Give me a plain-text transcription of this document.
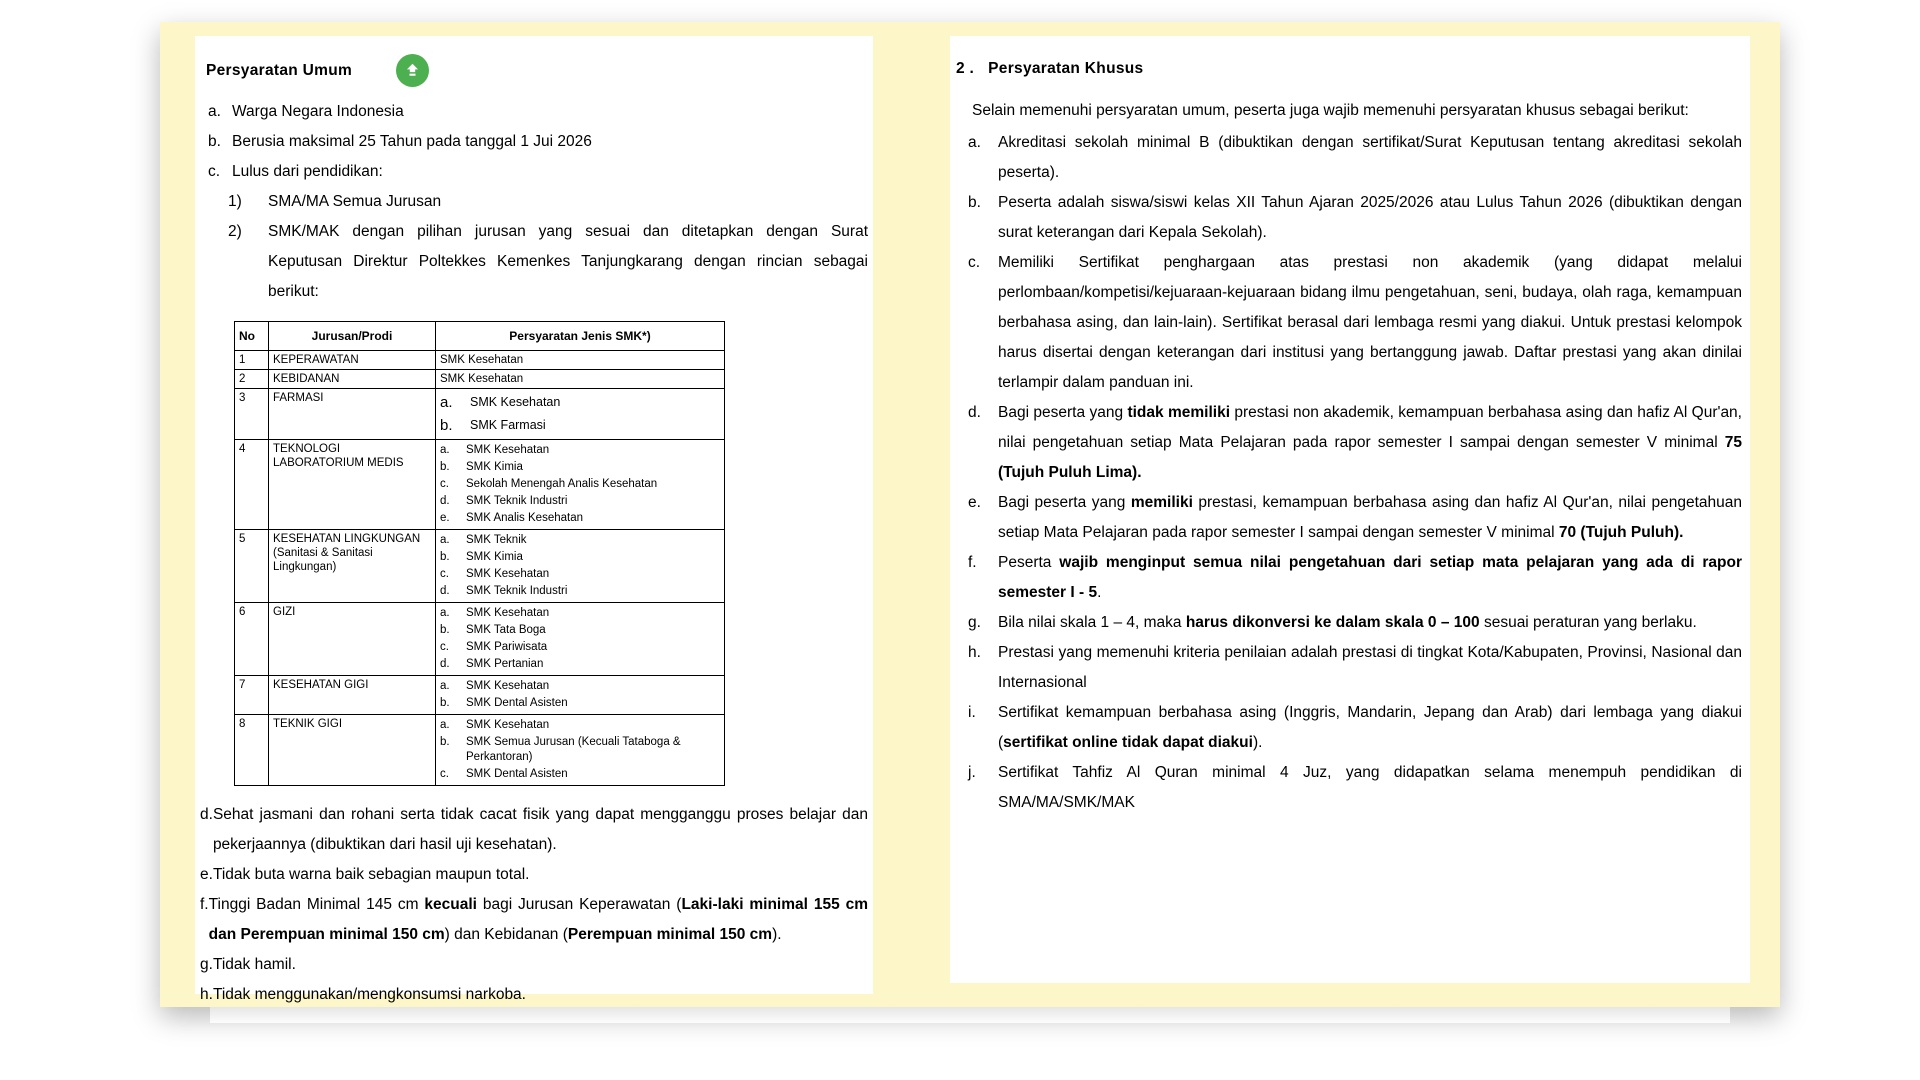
Persyaratan Umum
a. Warga Negara Indonesia
b. Berusia maksimal 25 Tahun pada tanggal 1 Jui 2026
c. Lulus dari pendidikan:
1)	SMA/MA Semua Jurusan
2)	SMK/MAK dengan pilihan jurusan yang sesuai dan ditetapkan dengan Surat Keputusan Direktur Poltekkes Kemenkes Tanjungkarang dengan rincian sebagai berikut:
No	Jurusan/Prodi	Persyaratan Jenis SMK*)
1	KEPERAWATAN	SMK Kesehatan
2	KEBIDANAN	SMK Kesehatan
3	FARMASI	a.	SMK Kesehatan
b.	SMK Farmasi

4	TEKNOLOGI LABORATORIUM MEDIS	
a.	SMK Kesehatan
b.	SMK Kimia
c.	Sekolah Menengah Analis Kesehatan
d.	SMK Teknik Industri
e.	SMK Analis Kesehatan

5	KESEHATAN LINGKUNGAN (Sanitasi & Sanitasi Lingkungan)	
a.	SMK Teknik
b.	SMK Kimia
c.	SMK Kesehatan
d.	SMK Teknik Industri

6	GIZI	a.	SMK Kesehatan
b.	SMK Tata Boga
c.	SMK Pariwisata
d.	SMK Pertanian

7	KESEHATAN GIGI	a.	SMK Kesehatan
b.	SMK Dental Asisten

8	TEKNIK GIGI	a.	SMK Kesehatan
b.	SMK Semua Jurusan (Kecuali Tataboga & Perkantoran)
c.	SMK Dental Asisten
d. Sehat jasmani dan rohani serta tidak cacat fisik yang dapat mengganggu proses belajar dan pekerjaannya (dibuktikan dari hasil uji kesehatan).
e. Tidak buta warna baik sebagian maupun total.
f. Tinggi Badan Minimal 145 cm kecuali bagi Jurusan Keperawatan (Laki-laki minimal 155 cm dan Perempuan minimal 150 cm) dan Kebidanan (Perempuan minimal 150 cm).
g. Tidak hamil.
h. Tidak menggunakan/mengkonsumsi narkoba.
2 . Persyaratan Khusus
Selain memenuhi persyaratan umum, peserta juga wajib memenuhi persyaratan khusus sebagai berikut:
a.	Akreditasi sekolah minimal B (dibuktikan dengan sertifikat/Surat Keputusan tentang akreditasi sekolah peserta).
b.	Peserta adalah siswa/siswi kelas XII Tahun Ajaran 2025/2026 atau Lulus Tahun 2026 (dibuktikan dengan surat keterangan dari Kepala Sekolah).
c.	Memiliki Sertifikat penghargaan atas prestasi non akademik (yang didapat melalui perlombaan/kompetisi/kejuaraan-kejuaraan bidang ilmu pengetahuan, seni, budaya, olah raga, kemampuan berbahasa asing, dan lain-lain). Sertifikat berasal dari lembaga resmi yang diakui. Untuk prestasi kelompok harus disertai dengan keterangan dari institusi yang bertanggung jawab. Daftar prestasi yang akan dinilai terlampir dalam panduan ini.
d.	Bagi peserta yang tidak memiliki prestasi non akademik, kemampuan berbahasa asing dan hafiz Al Qur'an, nilai pengetahuan setiap Mata Pelajaran pada rapor semester I sampai dengan semester V minimal 75 (Tujuh Puluh Lima).
e.	Bagi peserta yang memiliki prestasi, kemampuan berbahasa asing dan hafiz Al Qur'an, nilai pengetahuan setiap Mata Pelajaran pada rapor semester I sampai dengan semester V minimal 70 (Tujuh Puluh).
f.	Peserta wajib menginput semua nilai pengetahuan dari setiap mata pelajaran yang ada di rapor semester I - 5.
g.	Bila nilai skala 1 – 4, maka harus dikonversi ke dalam skala 0 – 100 sesuai peraturan yang berlaku.
h.	Prestasi yang memenuhi kriteria penilaian adalah prestasi di tingkat Kota/Kabupaten, Provinsi, Nasional dan Internasional
i.	Sertifikat kemampuan berbahasa asing (Inggris, Mandarin, Jepang dan Arab) dari lembaga yang diakui (sertifikat online tidak dapat diakui).
j.	Sertifikat Tahfiz Al Quran minimal 4 Juz, yang didapatkan selama menempuh pendidikan di SMA/MA/SMK/MAK
